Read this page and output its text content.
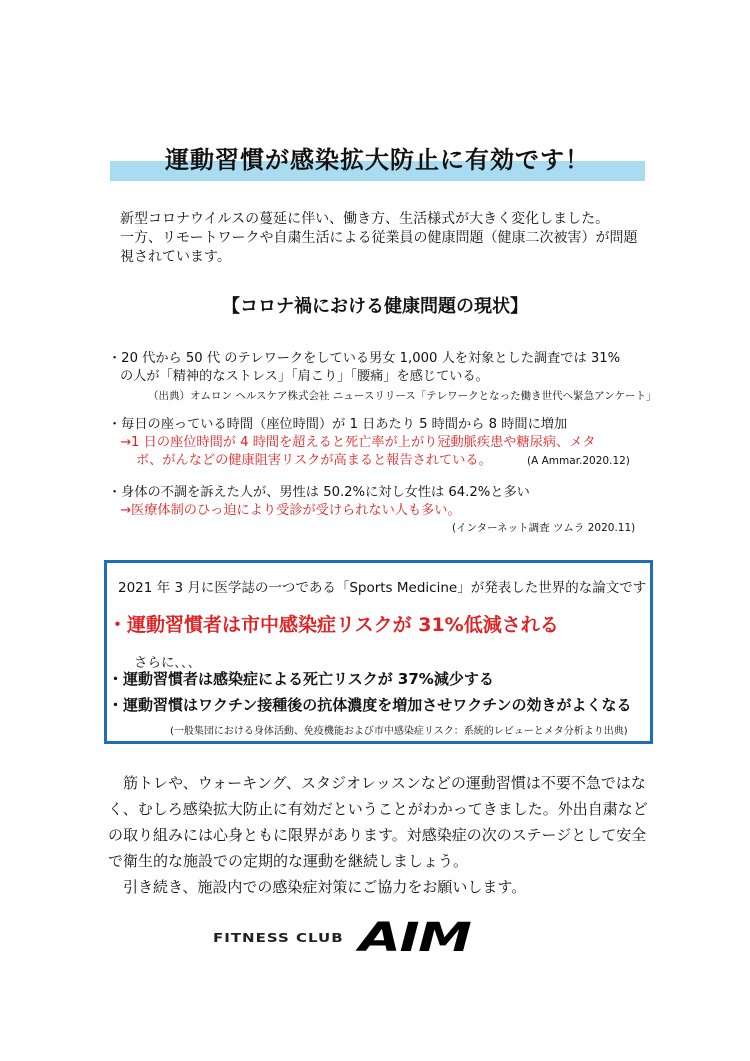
運動習慣が感染拡大防止に有効です！
新型コロナウイルスの蔓延に伴い、働き方、生活様式が大きく変化しました。
一方、リモートワークや自粛生活による従業員の健康問題（健康二次被害）が問題
視されています。
【コロナ禍における健康問題の現状】
・20 代から 50 代 のテレワークをしている男女 1,000 人を対象とした調査では 31%
の人が「精神的なストレス」「肩こり」「腰痛」を感じている。
（出典）オムロン ヘルスケア株式会社 ニュースリリース「テレワークとなった働き世代へ緊急アンケート」
・毎日の座っている時間（座位時間）が 1 日あたり 5 時間から 8 時間に増加
→1 日の座位時間が 4 時間を超えると死亡率が上がり冠動脈疾患や糖尿病、メタ
ボ、がんなどの健康阻害リスクが高まると報告されている。	(A Ammar.2020.12)
・身体の不調を訴えた人が、男性は 50.2%に対し女性は 64.2%と多い
→医療体制のひっ迫により受診が受けられない人も多い。
(インターネット調査 ツムラ 2020.11)
2021 年 3 月に医学誌の一つである「Sports Medicine」が発表した世界的な論文です
・運動習慣者は市中感染症リスクが 31%低減される
さらに､､､
・運動習慣者は感染症による死亡リスクが 37%減少する
・運動習慣はワクチン接種後の抗体濃度を増加させワクチンの効きがよくなる
(一般集団における身体活動、免疫機能および市中感染症リスク：系統的レビューとメタ分析より出典)

筋トレや、ウォーキング、スタジオレッスンなどの運動習慣は不要不急ではなく、むしろ感染拡大防止に有効だということがわかってきました。外出自粛などの取り組みには心身ともに限界があります。対感染症の次のステージとして安全で衛生的な施設での定期的な運動を継続しましょう。

引き続き、施設内での感染症対策にご協力をお願いします。

FITNESS CLUB AIM
